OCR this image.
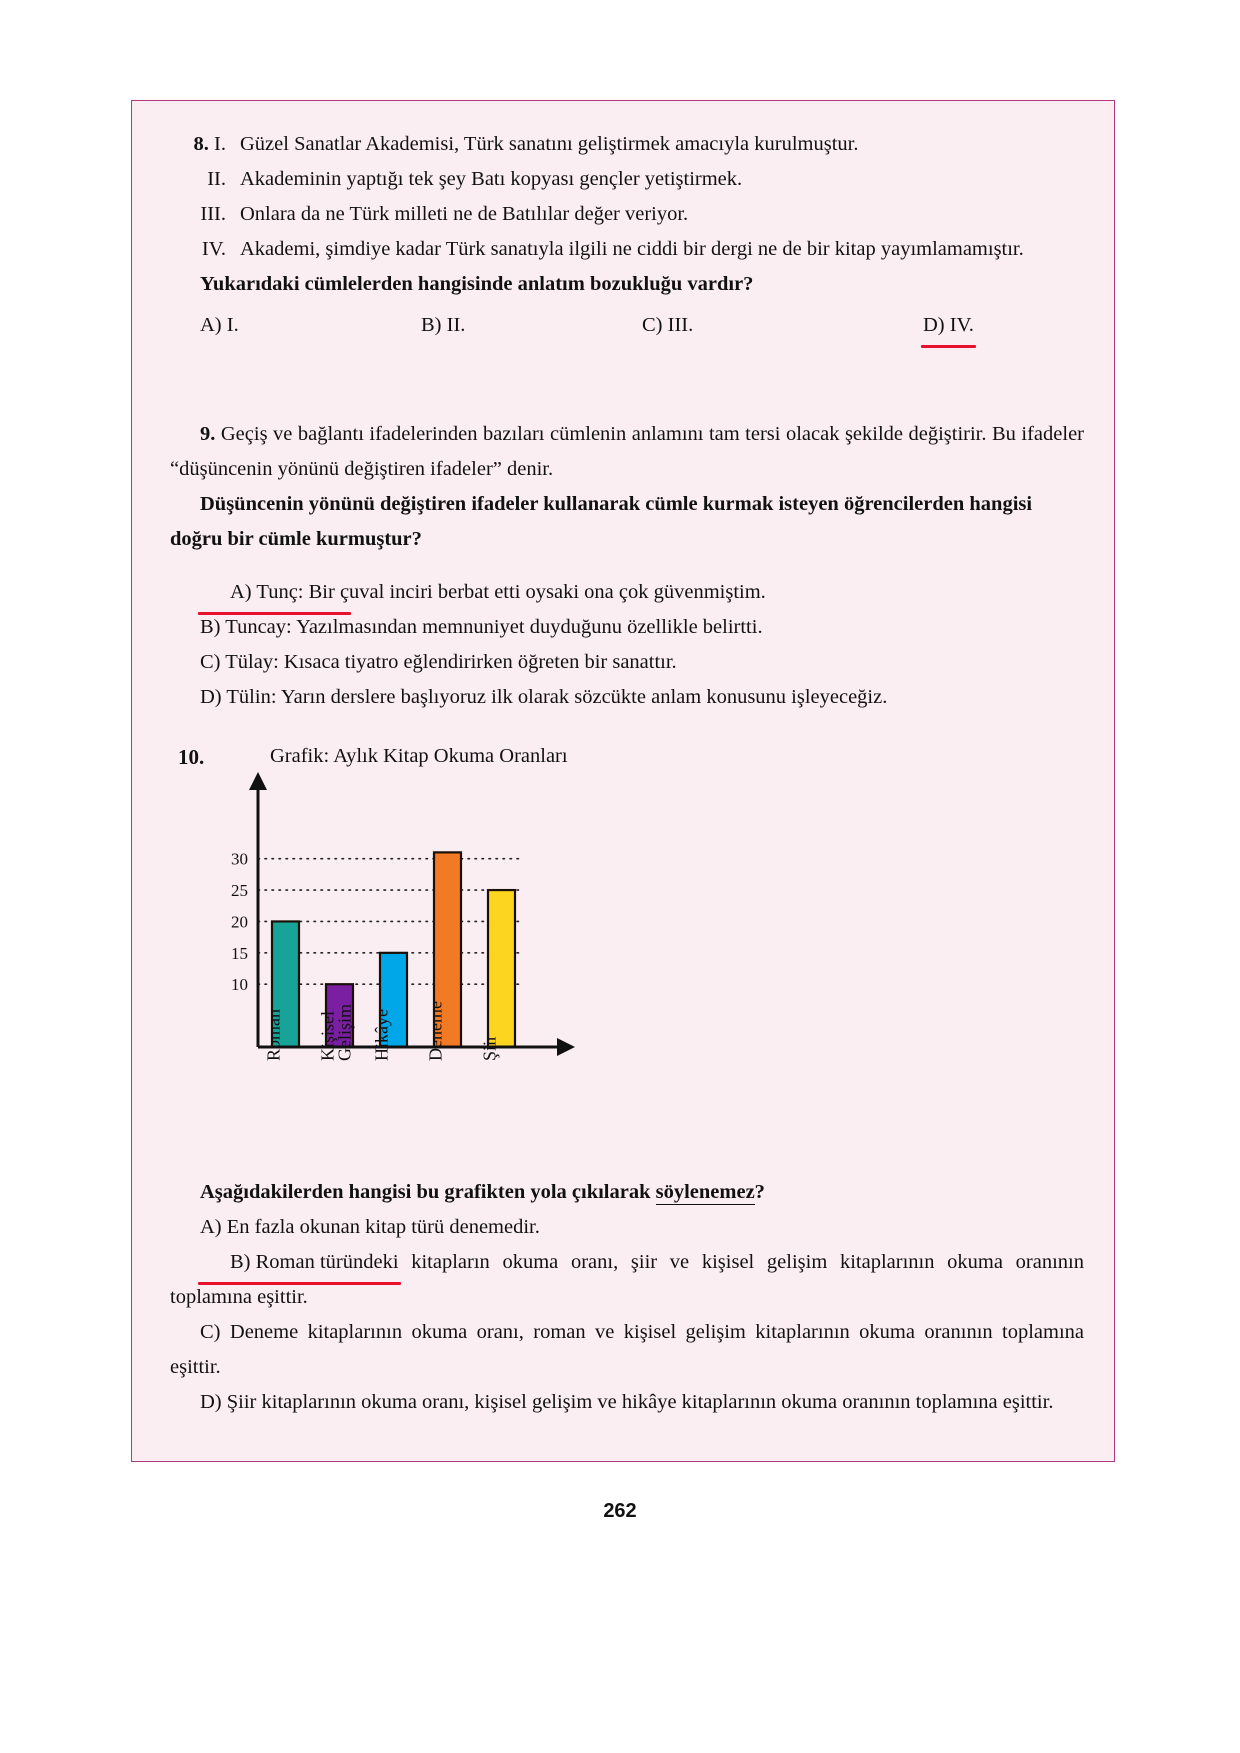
8. I. Güzel Sanatlar Akademisi, Türk sanatını geliştirmek amacıyla kurulmuştur.
II. Akademinin yaptığı tek şey Batı kopyası gençler yetiştirmek.
III. Onlara da ne Türk milleti ne de Batılılar değer veriyor.
IV. Akademi, şimdiye kadar Türk sanatıyla ilgili ne ciddi bir dergi ne de bir kitap yayımlamamıştır.
Yukarıdaki cümlelerden hangisinde anlatım bozukluğu vardır?
A) I.	B) II.	C) III.	D) IV.
9. Geçiş ve bağlantı ifadelerinden bazıları cümlenin anlamını tam tersi olacak şekilde değiştirir. Bu ifadeler “düşüncenin yönünü değiştiren ifadeler” denir.
Düşüncenin yönünü değiştiren ifadeler kullanarak cümle kurmak isteyen öğrencilerden hangisi doğru bir cümle kurmuştur?
A) Tunç: Bir çuval inciri berbat etti oysaki ona çok güvenmiştim.
B) Tuncay: Yazılmasından memnuniyet duyduğunu özellikle belirtti.
C) Tülay: Kısaca tiyatro eğlendirirken öğreten bir sanattır.
D) Tülin: Yarın derslere başlıyoruz ilk olarak sözcükte anlam konusunu işleyeceğiz.
10.	Grafik: Aylık Kitap Okuma Oranları
10
15
20
25
30
Roman Kişisel
Gelişim Hikâye Deneme Şiir
Aşağıdakilerden hangisi bu grafikten yola çıkılarak söylenemez?
A) En fazla okunan kitap türü denemedir.
B) Roman türündeki kitapların okuma oranı, şiir ve kişisel gelişim kitaplarının okuma oranının toplamına eşittir.
C) Deneme kitaplarının okuma oranı, roman ve kişisel gelişim kitaplarının okuma oranının toplamına eşittir.
D) Şiir kitaplarının okuma oranı, kişisel gelişim ve hikâye kitaplarının okuma oranının toplamına eşittir.
262
